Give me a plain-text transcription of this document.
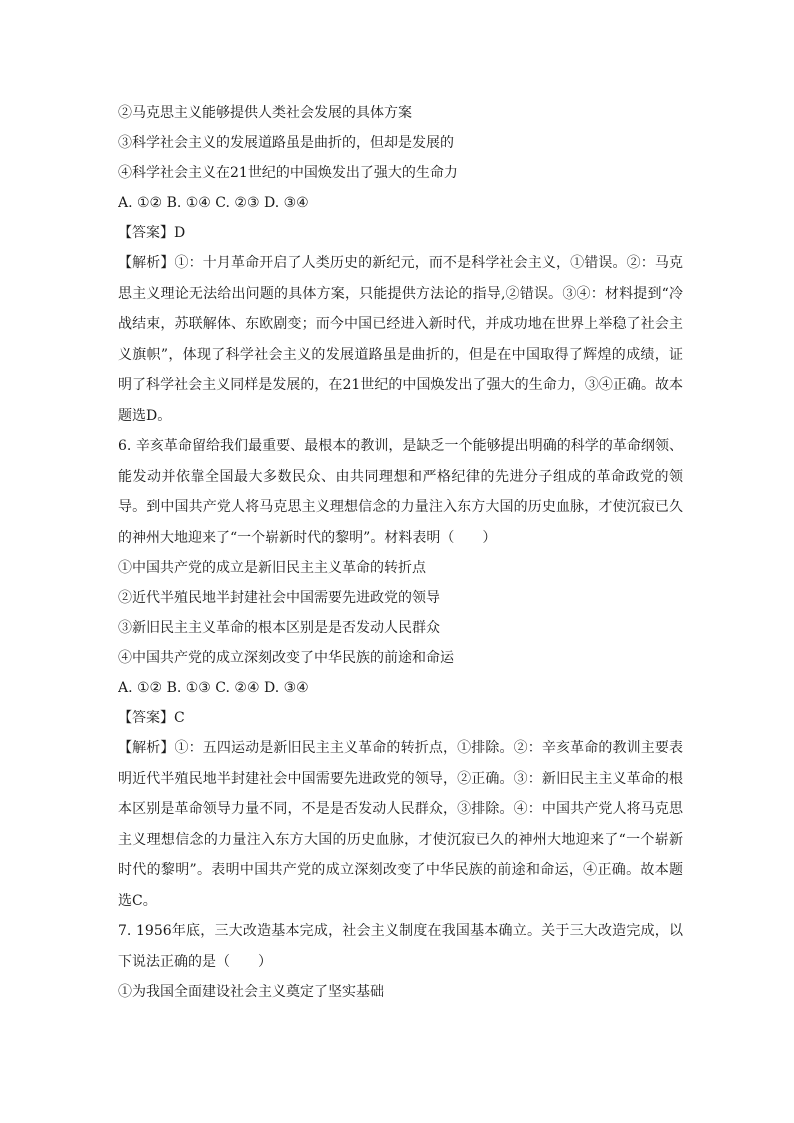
②马克思主义能够提供人类社会发展的具体方案
③科学社会主义的发展道路虽是曲折的，但却是发展的
④科学社会主义在21世纪的中国焕发出了强大的生命力
A. ①② B. ①④ C. ②③ D. ③④
【答案】D
【解析】①：十月革命开启了人类历史的新纪元，而不是科学社会主义，①错误。②：马克思主义理论无法给出问题的具体方案，只能提供方法论的指导,②错误。③④：材料提到“冷战结束，苏联解体、东欧剧变；而今中国已经进入新时代，并成功地在世界上举稳了社会主义旗帜”，体现了科学社会主义的发展道路虽是曲折的，但是在中国取得了辉煌的成绩，证明了科学社会主义同样是发展的，在21世纪的中国焕发出了强大的生命力，③④正确。故本题选D。
6. 辛亥革命留给我们最重要、最根本的教训，是缺乏一个能够提出明确的科学的革命纲领、能发动并依靠全国最大多数民众、由共同理想和严格纪律的先进分子组成的革命政党的领导。到中国共产党人将马克思主义理想信念的力量注入东方大国的历史血脉，才使沉寂已久的神州大地迎来了“一个崭新时代的黎明”。材料表明（　　）
①中国共产党的成立是新旧民主主义革命的转折点
②近代半殖民地半封建社会中国需要先进政党的领导
③新旧民主主义革命的根本区别是是否发动人民群众
④中国共产党的成立深刻改变了中华民族的前途和命运
A. ①② B. ①③ C. ②④ D. ③④
【答案】C
【解析】①：五四运动是新旧民主主义革命的转折点，①排除。②：辛亥革命的教训主要表明近代半殖民地半封建社会中国需要先进政党的领导，②正确。③：新旧民主主义革命的根本区别是革命领导力量不同，不是是否发动人民群众，③排除。④：中国共产党人将马克思主义理想信念的力量注入东方大国的历史血脉，才使沉寂已久的神州大地迎来了“一个崭新时代的黎明”。表明中国共产党的成立深刻改变了中华民族的前途和命运，④正确。故本题选C。
7. 1956年底，三大改造基本完成，社会主义制度在我国基本确立。关于三大改造完成，以下说法正确的是（　　）
①为我国全面建设社会主义奠定了坚实基础
